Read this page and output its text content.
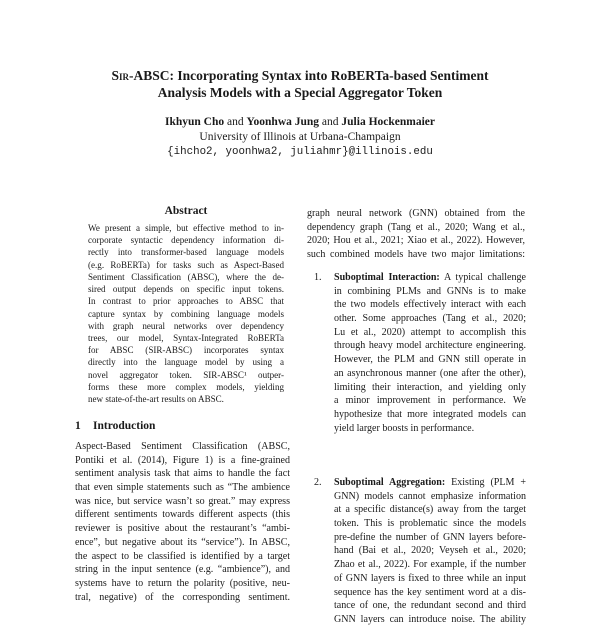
Sir-ABSC: Incorporating Syntax into RoBERTa-based Sentiment
Analysis Models with a Special Aggregator Token
Ikhyun Cho and Yoonhwa Jung and Julia Hockenmaier
University of Illinois at Urbana-Champaign
{ihcho2, yoonhwa2, juliahmr}@illinois.edu
Abstract
We present a simple, but effective method to in-
corporate syntactic dependency information di-
rectly into transformer-based language models
(e.g. RoBERTa) for tasks such as Aspect-Based
Sentiment Classification (ABSC), where the de-
sired output depends on specific input tokens.
In contrast to prior approaches to ABSC that
capture syntax by combining language models
with graph neural networks over dependency
trees, our model, Syntax-Integrated RoBERTa
for ABSC (SIR-ABSC) incorporates syntax
directly into the language model by using a
novel aggregator token. SIR-ABSC¹ outper-
forms these more complex models, yielding
new state-of-the-art results on ABSC.
1 Introduction
Aspect-Based Sentiment Classification (ABSC,
Pontiki et al. (2014), Figure 1) is a fine-grained
sentiment analysis task that aims to handle the fact
that even simple statements such as “The ambience
was nice, but service wasn’t so great.” may express
different sentiments towards different aspects (this
reviewer is positive about the restaurant’s “ambi-
ence”, but negative about its “service”). In ABSC,
the aspect to be classified is identified by a target
string in the input sentence (e.g. “ambience”), and
systems have to return the polarity (positive, neu-
tral, negative) of the corresponding sentiment.
graph neural network (GNN) obtained from the
dependency graph (Tang et al., 2020; Wang et al.,
2020; Hou et al., 2021; Xiao et al., 2022). However,
such combined models have two major limitations:
1. Suboptimal Interaction: A typical challenge
in combining PLMs and GNNs is to make
the two models effectively interact with each
other. Some approaches (Tang et al., 2020;
Lu et al., 2020) attempt to accomplish this
through heavy model architecture engineering.
However, the PLM and GNN still operate in
an asynchronous manner (one after the other),
limiting their interaction, and yielding only
a minor improvement in performance. We
hypothesize that more integrated models can
yield larger boosts in performance.
2. Suboptimal Aggregation: Existing (PLM +
GNN) models cannot emphasize information
at a specific distance(s) away from the target
token. This is problematic since the models
pre-define the number of GNN layers before-
hand (Bai et al., 2020; Veyseh et al., 2020;
Zhao et al., 2022). For example, if the number
of GNN layers is fixed to three while an input
sequence has the key sentiment word at a dis-
tance of one, the redundant second and third
GNN layers can introduce noise. The ability
